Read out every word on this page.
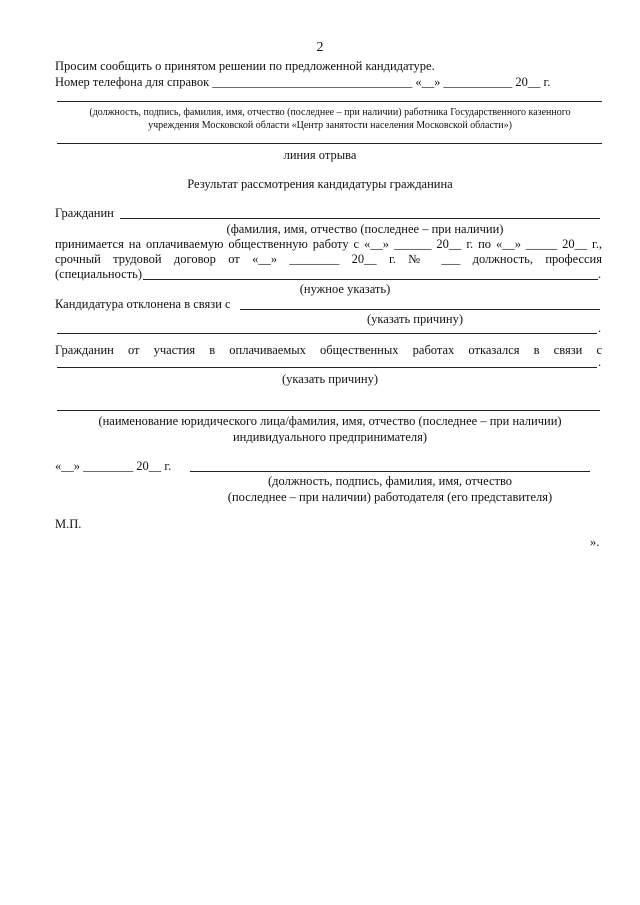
2
Просим сообщить о принятом решении по предложенной кандидатуре.
Номер телефона для справок ________________________________ «__» ___________ 20__ г.
(должность, подпись, фамилия, имя, отчество (последнее – при наличии) работника Государственного казенного
учреждения Московской области «Центр занятости населения Московской области»)
линия отрыва
Результат рассмотрения кандидатуры гражданина
Гражданин
(фамилия, имя, отчество (последнее – при наличии)
принимается на оплачиваемую общественную работу с «__» ______ 20__ г. по «__» _____ 20__ г.,
срочный трудовой договор от «__» ________ 20__ г. № ___ должность, профессия
(специальность)	.
(нужное указать)
Кандидатура отклонена в связи с
(указать причину)
.
Гражданин от участия в оплачиваемых общественных работах отказался в связи с
.
(указать причину)
(наименование юридического лица/фамилия, имя, отчество (последнее – при наличии)
индивидуального предпринимателя)
«__» ________ 20__ г.
(должность, подпись, фамилия, имя, отчество
(последнее – при наличии) работодателя (его представителя)
М.П.
».
